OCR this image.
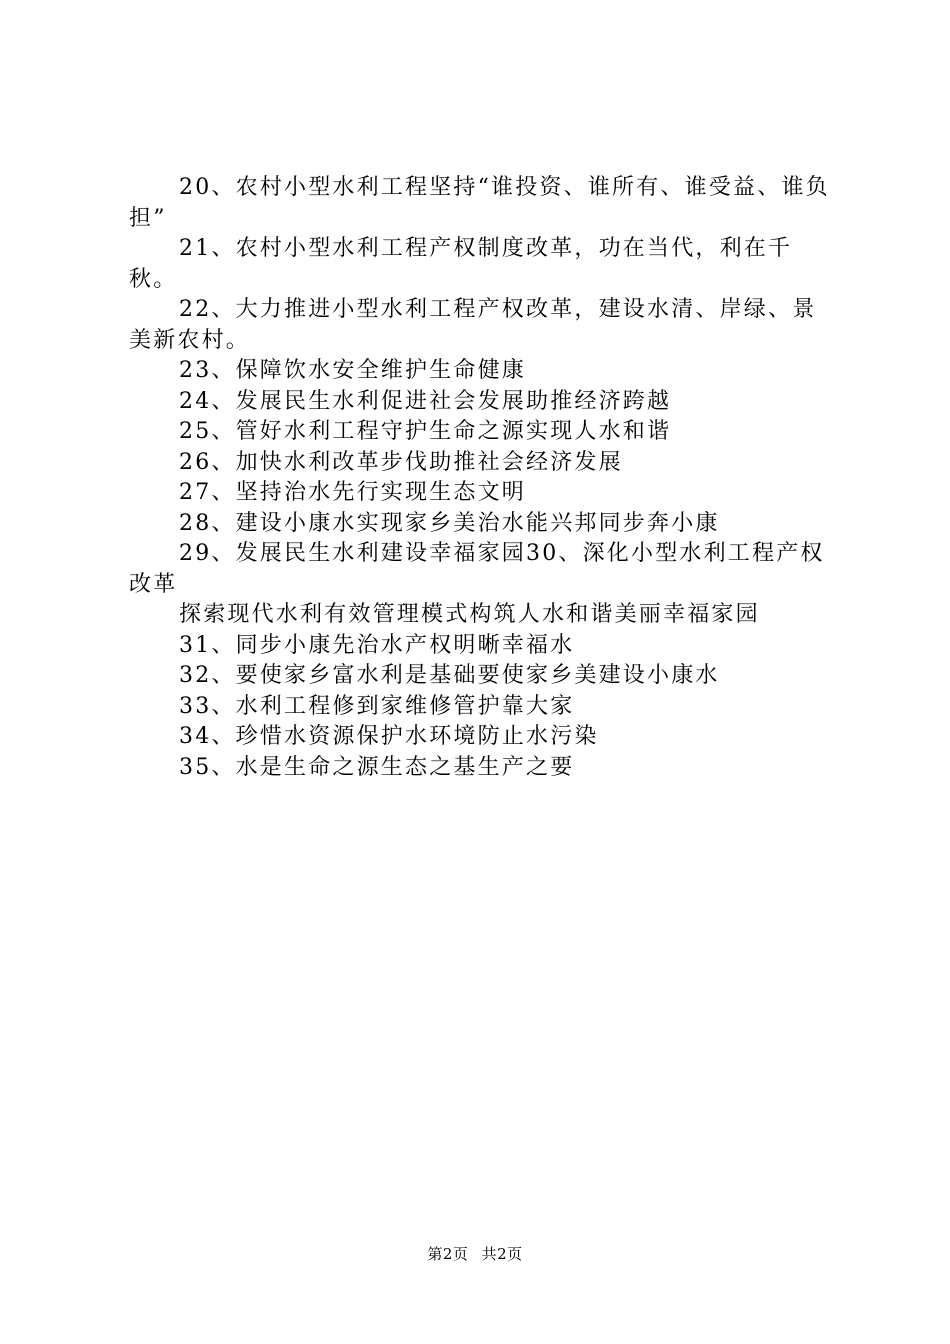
20、农村小型水利工程坚持“谁投资、谁所有、谁受益、谁负担”

21、农村小型水利工程产权制度改革，功在当代，利在千秋。

22、大力推进小型水利工程产权改革，建设水清、岸绿、景美新农村。

23、保障饮水安全维护生命健康

24、发展民生水利促进社会发展助推经济跨越

25、管好水利工程守护生命之源实现人水和谐

26、加快水利改革步伐助推社会经济发展

27、坚持治水先行实现生态文明

28、建设小康水实现家乡美治水能兴邦同步奔小康

29、发展民生水利建设幸福家园30、深化小型水利工程产权改革

探索现代水利有效管理模式构筑人水和谐美丽幸福家园

31、同步小康先治水产权明晰幸福水

32、要使家乡富水利是基础要使家乡美建设小康水

33、水利工程修到家维修管护靠大家

34、珍惜水资源保护水环境防止水污染

35、水是生命之源生态之基生产之要

第2页 共2页
